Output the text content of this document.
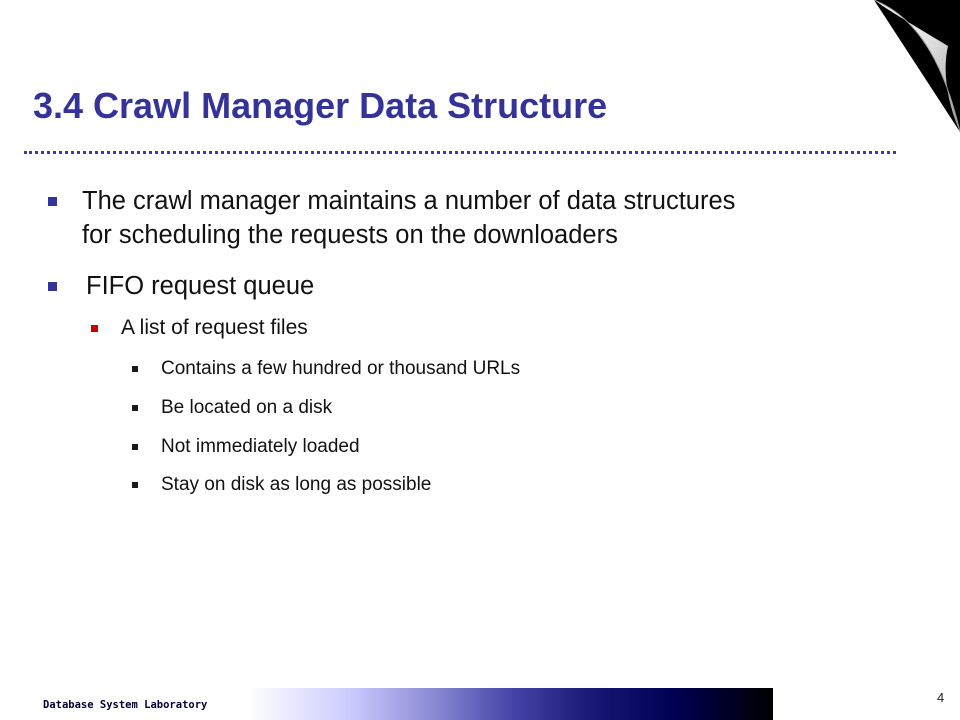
3.4 Crawl Manager Data Structure
The crawl manager maintains a number of data structures
for scheduling the requests on the downloaders
FIFO request queue
A list of request files
Contains a few hundred or thousand URLs
Be located on a disk
Not immediately loaded
Stay on disk as long as possible
Database System Laboratory	4
